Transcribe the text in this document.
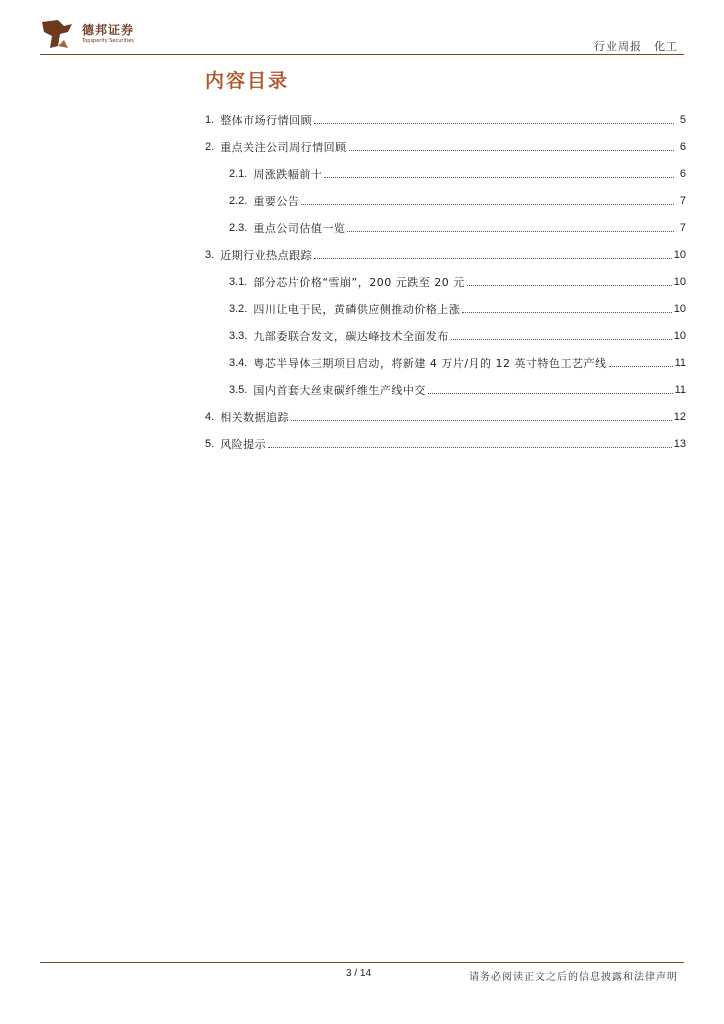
德邦证券
Topsperity Securities	行业周报　化工
内容目录
1. 整体市场行情回顾	5
2. 重点关注公司周行情回顾	6
2.1. 周涨跌幅前十	6
2.2. 重要公告	7
2.3. 重点公司估值一览	7
3. 近期行业热点跟踪	10
3.1. 部分芯片价格“雪崩”，200 元跌至 20 元	10
3.2. 四川让电于民，黄磷供应侧推动价格上涨	10
3.3. 九部委联合发文，碳达峰技术全面发布	10
3.4. 粤芯半导体三期项目启动，将新建 4 万片/月的 12 英寸特色工艺产线	11
3.5. 国内首套大丝束碳纤维生产线中交	11
4. 相关数据追踪	12
5. 风险提示	13
3 / 14	请务必阅读正文之后的信息披露和法律声明
